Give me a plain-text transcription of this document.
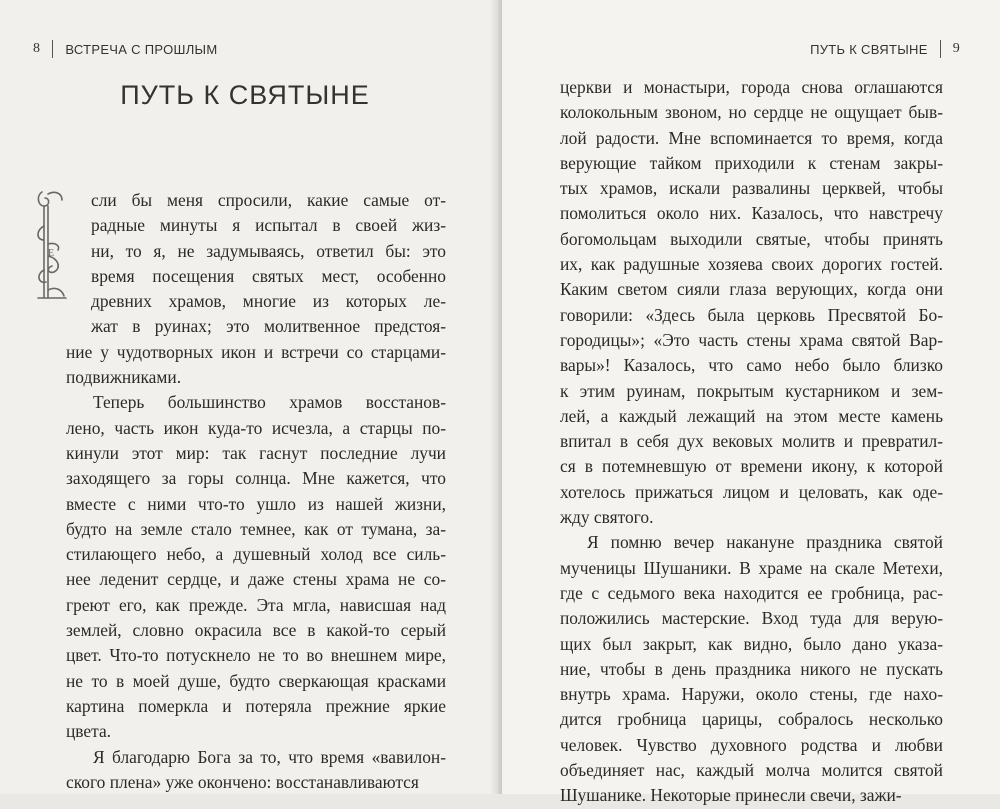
8 ВСТРЕЧА С ПРОШЛЫМ
ПУТЬ К СВЯТЫНЕ
Е
сли бы меня спросили, какие самые от-
радные минуты я испытал в своей жиз-
ни, то я, не задумываясь, ответил бы: это
время посещения святых мест, особенно
древних храмов, многие из которых ле-
жат в руинах; это молитвенное предстоя-
ние у чудотворных икон и встречи со старцами-
подвижниками.
Теперь большинство храмов восстанов-
лено, часть икон куда-то исчезла, а старцы по-
кинули этот мир: так гаснут последние лучи
заходящего за горы солнца. Мне кажется, что
вместе с ними что-то ушло из нашей жизни,
будто на земле стало темнее, как от тумана, за-
стилающего небо, а душевный холод все силь-
нее леденит сердце, и даже стены храма не со-
греют его, как прежде. Эта мгла, нависшая над
землей, словно окрасила все в какой-то серый
цвет. Что-то потускнело не то во внешнем мире,
не то в моей душе, будто сверкающая красками
картина померкла и потеряла прежние яркие
цвета.
Я благодарю Бога за то, что время «вавилон-
ского плена» уже окончено: восстанавливаются
ПУТЬ К СВЯТЫНЕ 9
церкви и монастыри, города снова оглашаются
колокольным звоном, но сердце не ощущает быв-
лой радости. Мне вспоминается то время, когда
верующие тайком приходили к стенам закры-
тых храмов, искали развалины церквей, чтобы
помолиться около них. Казалось, что навстречу
богомольцам выходили святые, чтобы принять
их, как радушные хозяева своих дорогих гостей.
Каким светом сияли глаза верующих, когда они
говорили: «Здесь была церковь Пресвятой Бо-
городицы»; «Это часть стены храма святой Вар-
вары»! Казалось, что само небо было близко
к этим руинам, покрытым кустарником и зем-
лей, а каждый лежащий на этом месте камень
впитал в себя дух вековых молитв и превратил-
ся в потемневшую от времени икону, к которой
хотелось прижаться лицом и целовать, как оде-
жду святого.
Я помню вечер накануне праздника святой
мученицы Шушаники. В храме на скале Метехи,
где с седьмого века находится ее гробница, рас-
положились мастерские. Вход туда для верую-
щих был закрыт, как видно, было дано указа-
ние, чтобы в день праздника никого не пускать
внутрь храма. Наружи, около стены, где нахо-
дится гробница царицы, собралось несколько
человек. Чувство духовного родства и любви
объединяет нас, каждый молча молится святой
Шушанике. Некоторые принесли свечи, зажи-
